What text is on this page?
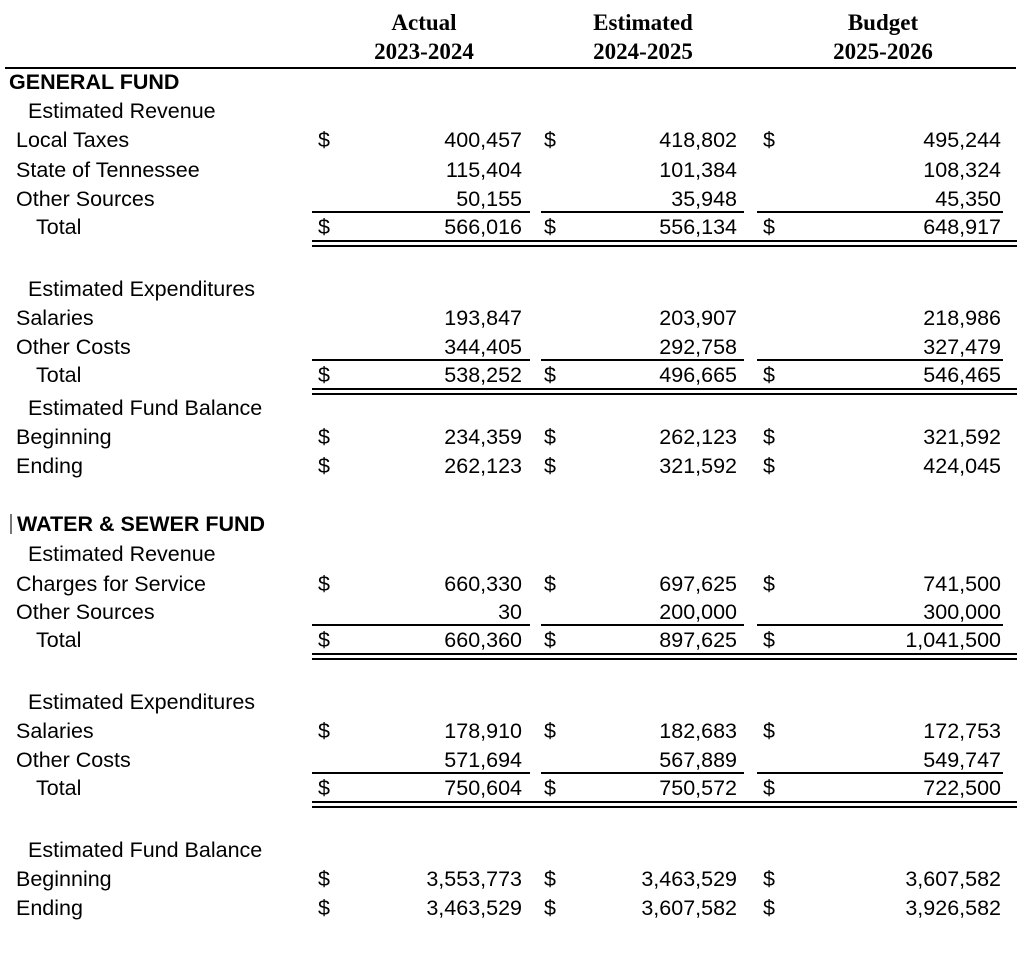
Actual
2023-2024
Estimated
2024-2025
Budget
2025-2026
GENERAL FUND
Estimated Revenue
Local Taxes	$	400,457 $	418,802 $	495,244
State of Tennessee	115,404	101,384	108,324
Other Sources	50,155	35,948	45,350
Total	$	566,016 $	556,134 $	648,917
Estimated Expenditures
Salaries	193,847	203,907	218,986
Other Costs	344,405	292,758	327,479
Total	$	538,252 $	496,665 $	546,465
Estimated Fund Balance
Beginning	$	234,359 $	262,123 $	321,592
Ending	$	262,123 $	321,592 $	424,045
WATER & SEWER FUND
Estimated Revenue
Charges for Service	$	660,330 $	697,625 $	741,500
Other Sources	30	200,000	300,000
Total	$	660,360 $	897,625 $	1,041,500
Estimated Expenditures
Salaries	$	178,910 $	182,683 $	172,753
Other Costs	571,694	567,889	549,747
Total	$	750,604 $	750,572 $	722,500
Estimated Fund Balance
Beginning	$	3,553,773 $	3,463,529 $	3,607,582
Ending	$	3,463,529 $	3,607,582 $	3,926,582
